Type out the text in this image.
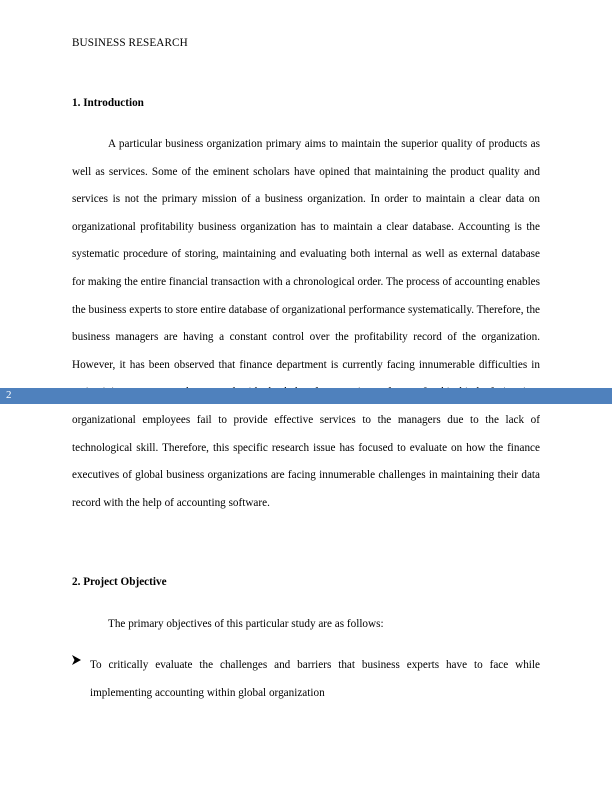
BUSINESS RESEARCH
1. Introduction

A particular business organization primary aims to maintain the superior quality of products as well as services. Some of the eminent scholars have opined that maintaining the product quality and services is not the primary mission of a business organization. In order to maintain a clear data on organizational profitability business organization has to maintain a clear database. Accounting is the systematic procedure of storing, maintaining and evaluating both internal as well as external database for making the entire financial transaction with a chronological order. The process of accounting enables the business experts to store entire database of organizational performance systematically. Therefore, the business managers are having a constant control over the profitability record of the organization. However, it has been observed that finance department is currently facing innumerable difficulties in organizational employees fail to provide effective services to the managers due to the lack of technological skill. Therefore, this specific research issue has focused to evaluate on how the finance executives of global business organizations are facing innumerable challenges in maintaining their data record with the help of accounting software.

2
2. Project Objective

The primary objectives of this particular study are as follows:

To critically evaluate the challenges and barriers that business experts have to face while implementing accounting within global organization
